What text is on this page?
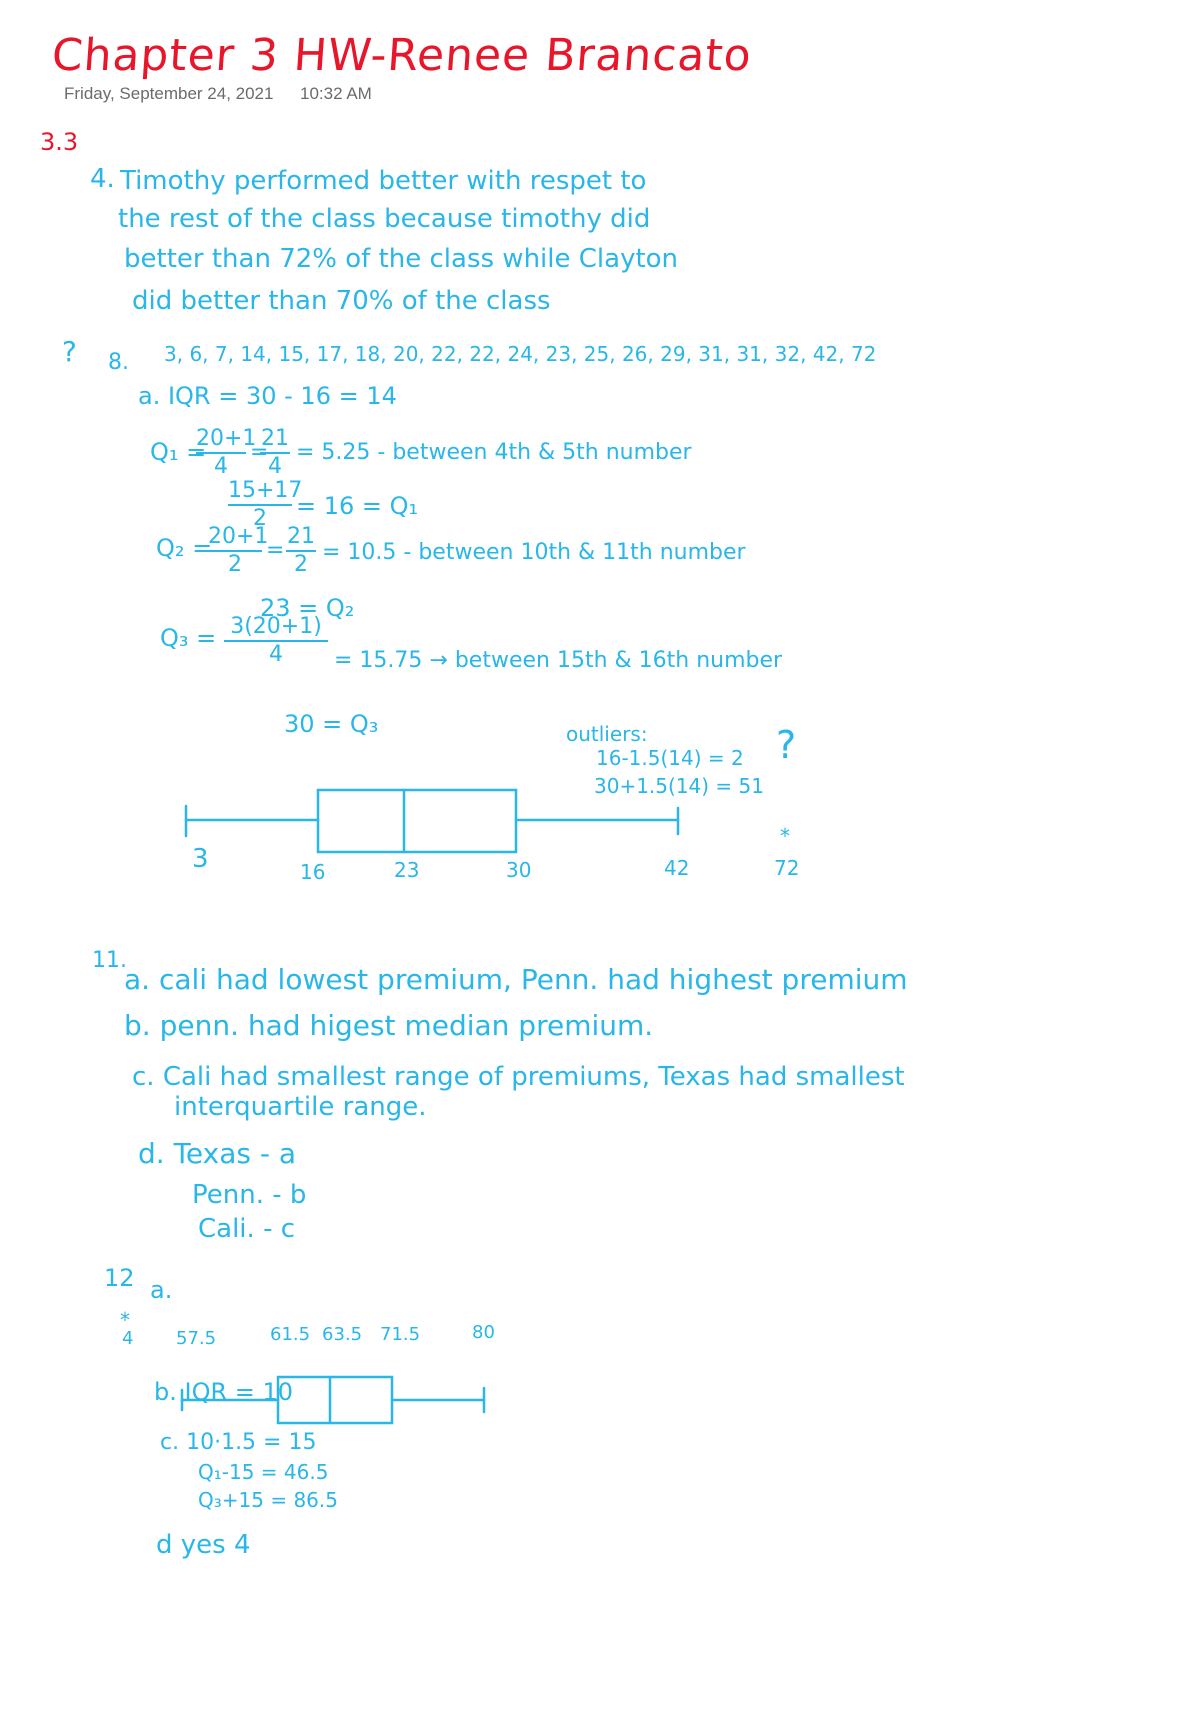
Chapter 3 HW-Renee Brancato
Friday, September 24, 2021 10:32 AM
3.3
4. Timothy performed better with respet to
the rest of the class because timothy did
better than 72% of the class while Clayton
did better than 70% of the class
? 8. 3, 6, 7, 14, 15, 17, 18, 20, 22, 22, 24, 23, 25, 26, 29, 31, 31, 32, 42, 72
a. IQR = 30 - 16 = 14
Q₁ =
20+1
4
=
21
4
= 5.25 - between 4th & 5th number
15+17
2	= 16 = Q₁
Q₂ =
20+1
2
=
21
2 = 10.5 - between 10th & 11th number
23 = Q₂
Q₃ = 3(20+1)
4	= 15.75 → between 15th & 16th number
30 = Q₃	outliers:
16-1.5(14) = 2
30+1.5(14) = 51
?
3	16	23	30	42	72
*
11.
a. cali had lowest premium, Penn. had highest premium
b. penn. had higest median premium.
c. Cali had smallest range of premiums, Texas had smallest
interquartile range.
d. Texas - a
Penn. - b
Cali. - c
12 a.
*
4 57.5	61.5 63.5 71.5	80
b. IQR = 10
c. 10·1.5 = 15
Q₁-15 = 46.5
Q₃+15 = 86.5
d yes 4
